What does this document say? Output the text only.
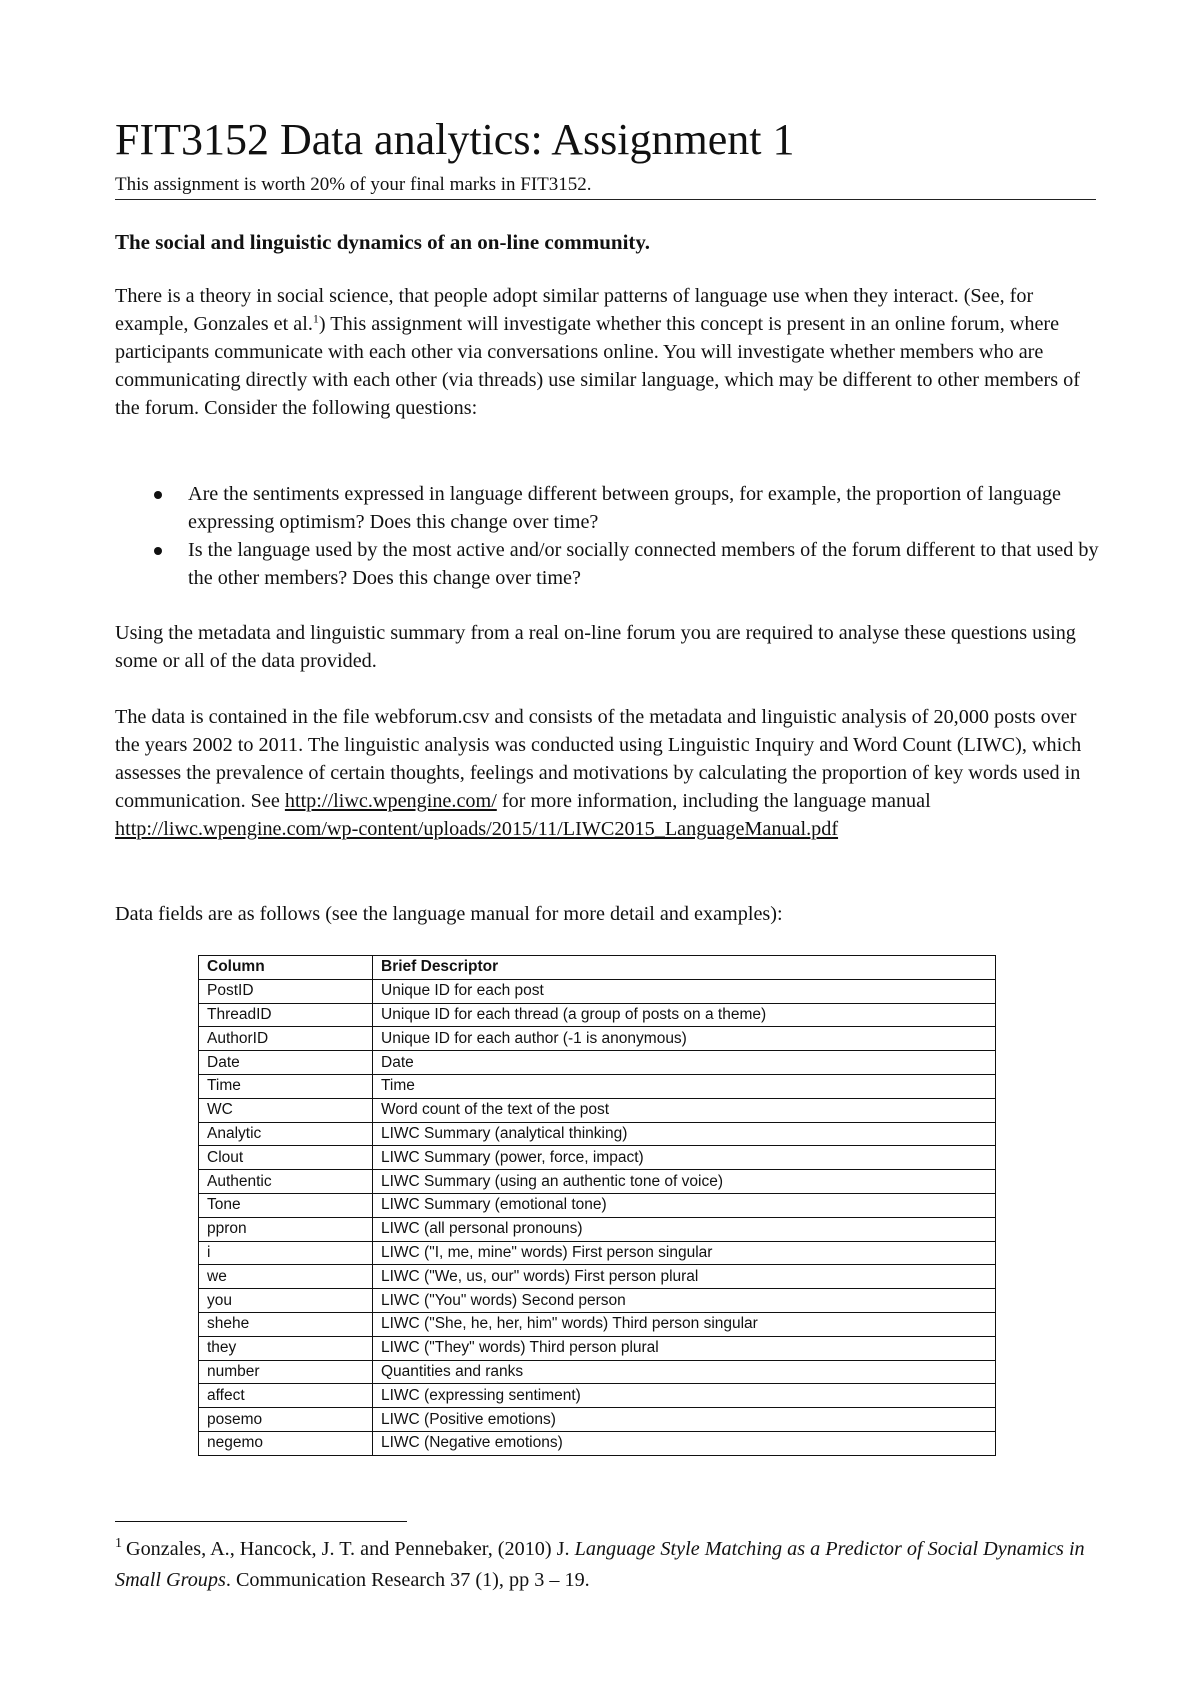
FIT3152 Data analytics: Assignment 1
This assignment is worth 20% of your final marks in FIT3152.
The social and linguistic dynamics of an on-line community.

There is a theory in social science, that people adopt similar patterns of language use when they interact. (See, for example, Gonzales et al.$^1$) This assignment will investigate whether this concept is present in an online forum, where participants communicate with each other via conversations online. You will investigate whether members who are communicating directly with each other (via threads) use similar language, which may be different to other members of the forum. Consider the following questions:

Are the sentiments expressed in language different between groups, for example, the proportion of language expressing optimism? Does this change over time?
Is the language used by the most active and/or socially connected members of the forum different to that used by the other members? Does this change over time?

Using the metadata and linguistic summary from a real on-line forum you are required to analyse these questions using some or all of the data provided.

The data is contained in the file webforum.csv and consists of the metadata and linguistic analysis of 20,000 posts over the years 2002 to 2011. The linguistic analysis was conducted using Linguistic Inquiry and Word Count (LIWC), which assesses the prevalence of certain thoughts, feelings and motivations by calculating the proportion of key words used in communication. See http://liwc.wpengine.com/ for more information, including the language manual http://liwc.wpengine.com/wp-content/uploads/2015/11/LIWC2015_LanguageManual.pdf

Data fields are as follows (see the language manual for more detail and examples):

Column	Brief Descriptor
PostID	Unique ID for each post
ThreadID	Unique ID for each thread (a group of posts on a theme)
AuthorID	Unique ID for each author (-1 is anonymous)
Date	Date
Time	Time
WC	Word count of the text of the post
Analytic	LIWC Summary (analytical thinking)
Clout	LIWC Summary (power, force, impact)
Authentic	LIWC Summary (using an authentic tone of voice)
Tone	LIWC Summary (emotional tone)
ppron	LIWC (all personal pronouns)
i	LIWC ("I, me, mine" words) First person singular
we	LIWC ("We, us, our" words) First person plural
you	LIWC ("You" words) Second person
shehe	LIWC ("She, he, her, him" words) Third person singular
they	LIWC ("They" words) Third person plural
number	Quantities and ranks
affect	LIWC (expressing sentiment)
posemo	LIWC (Positive emotions)
negemo	LIWC (Negative emotions)

$^1$ Gonzales, A., Hancock, J. T. and Pennebaker, (2010) J. Language Style Matching as a Predictor of Social Dynamics in Small Groups. Communication Research 37 (1), pp 3 – 19.
